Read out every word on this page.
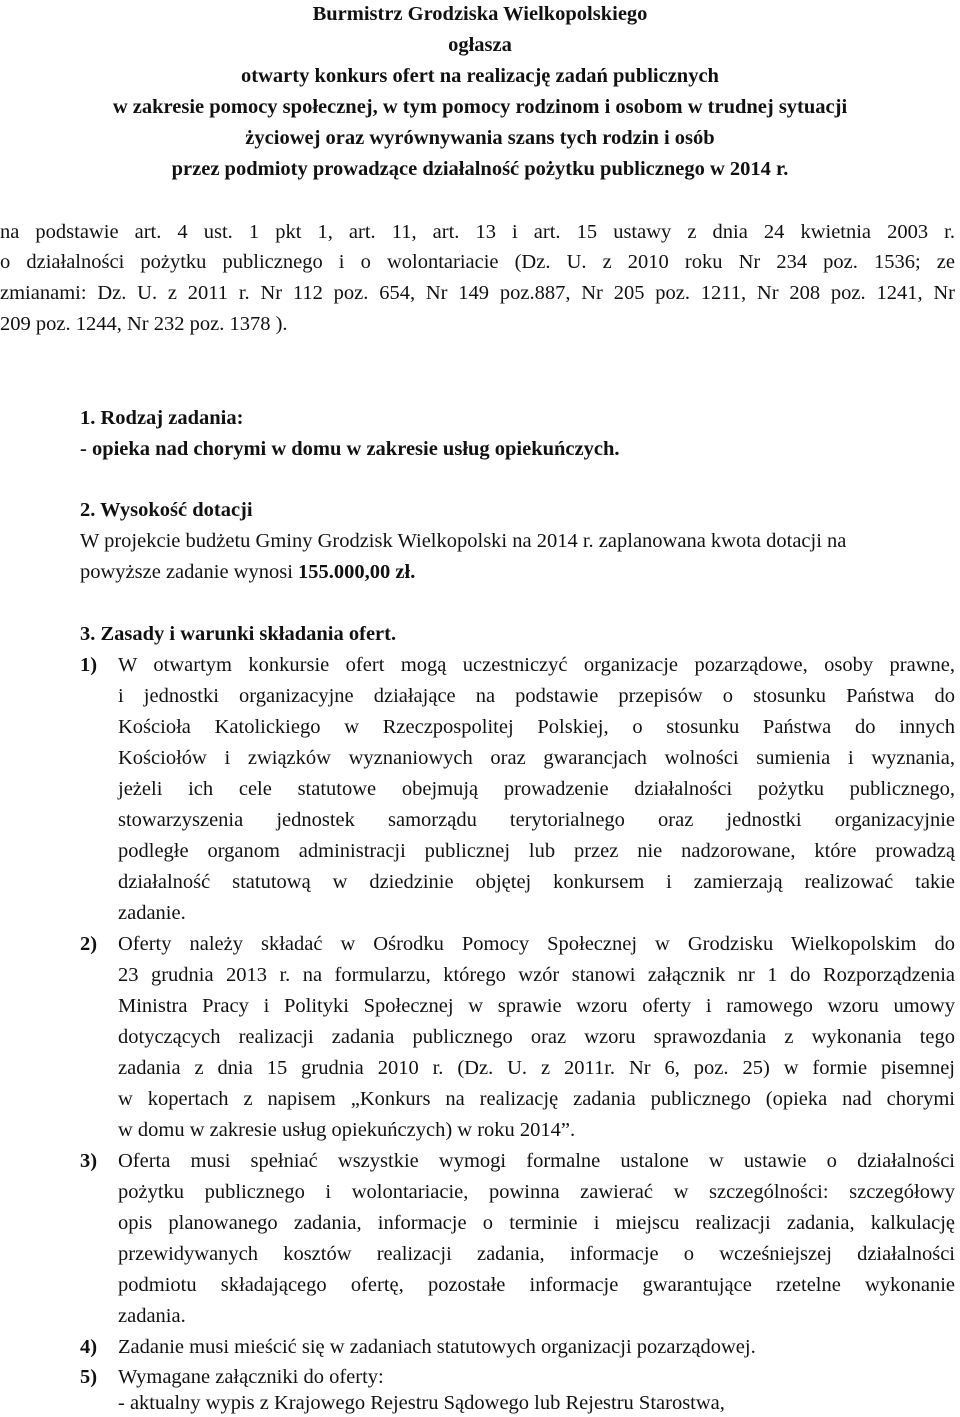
Burmistrz Grodziska Wielkopolskiego
ogłasza
otwarty konkurs ofert na realizację zadań publicznych
w zakresie pomocy społecznej, w tym pomocy rodzinom i osobom w trudnej sytuacji
życiowej oraz wyrównywania szans tych rodzin i osób
przez podmioty prowadzące działalność pożytku publicznego w 2014 r.
na podstawie art. 4 ust. 1 pkt 1, art. 11, art. 13 i art. 15 ustawy z dnia 24 kwietnia 2003 r.
o działalności pożytku publicznego i o wolontariacie (Dz. U. z 2010 roku Nr 234 poz. 1536; ze
zmianami: Dz. U. z 2011 r. Nr 112 poz. 654, Nr 149 poz.887, Nr 205 poz. 1211, Nr 208 poz. 1241, Nr
209 poz. 1244, Nr 232 poz. 1378 ).
1. Rodzaj zadania:
- opieka nad chorymi w domu w zakresie usług opiekuńczych.
2. Wysokość dotacji
W projekcie budżetu Gminy Grodzisk Wielkopolski na 2014 r. zaplanowana kwota dotacji na
powyższe zadanie wynosi 155.000,00 zł.
3. Zasady i warunki składania ofert.
1) W otwartym konkursie ofert mogą uczestniczyć organizacje pozarządowe, osoby prawne,
i jednostki organizacyjne działające na podstawie przepisów o stosunku Państwa do
Kościoła Katolickiego w Rzeczpospolitej Polskiej, o stosunku Państwa do innych
Kościołów i związków wyznaniowych oraz gwarancjach wolności sumienia i wyznania,
jeżeli ich cele statutowe obejmują prowadzenie działalności pożytku publicznego,
stowarzyszenia jednostek samorządu terytorialnego oraz jednostki organizacyjnie
podległe organom administracji publicznej lub przez nie nadzorowane, które prowadzą
działalność statutową w dziedzinie objętej konkursem i zamierzają realizować takie
zadanie.
2) Oferty należy składać w Ośrodku Pomocy Społecznej w Grodzisku Wielkopolskim do
23 grudnia 2013 r. na formularzu, którego wzór stanowi załącznik nr 1 do Rozporządzenia
Ministra Pracy i Polityki Społecznej w sprawie wzoru oferty i ramowego wzoru umowy
dotyczących realizacji zadania publicznego oraz wzoru sprawozdania z wykonania tego
zadania z dnia 15 grudnia 2010 r. (Dz. U. z 2011r. Nr 6, poz. 25) w formie pisemnej
w kopertach z napisem „Konkurs na realizację zadania publicznego (opieka nad chorymi
w domu w zakresie usług opiekuńczych) w roku 2014”.
3) Oferta musi spełniać wszystkie wymogi formalne ustalone w ustawie o działalności
pożytku publicznego i wolontariacie, powinna zawierać w szczególności: szczegółowy
opis planowanego zadania, informacje o terminie i miejscu realizacji zadania, kalkulację
przewidywanych kosztów realizacji zadania, informacje o wcześniejszej działalności
podmiotu składającego ofertę, pozostałe informacje gwarantujące rzetelne wykonanie
zadania.
4) Zadanie musi mieścić się w zadaniach statutowych organizacji pozarządowej.
5) Wymagane załączniki do oferty:
- aktualny wypis z Krajowego Rejestru Sądowego lub Rejestru Starostwa,
